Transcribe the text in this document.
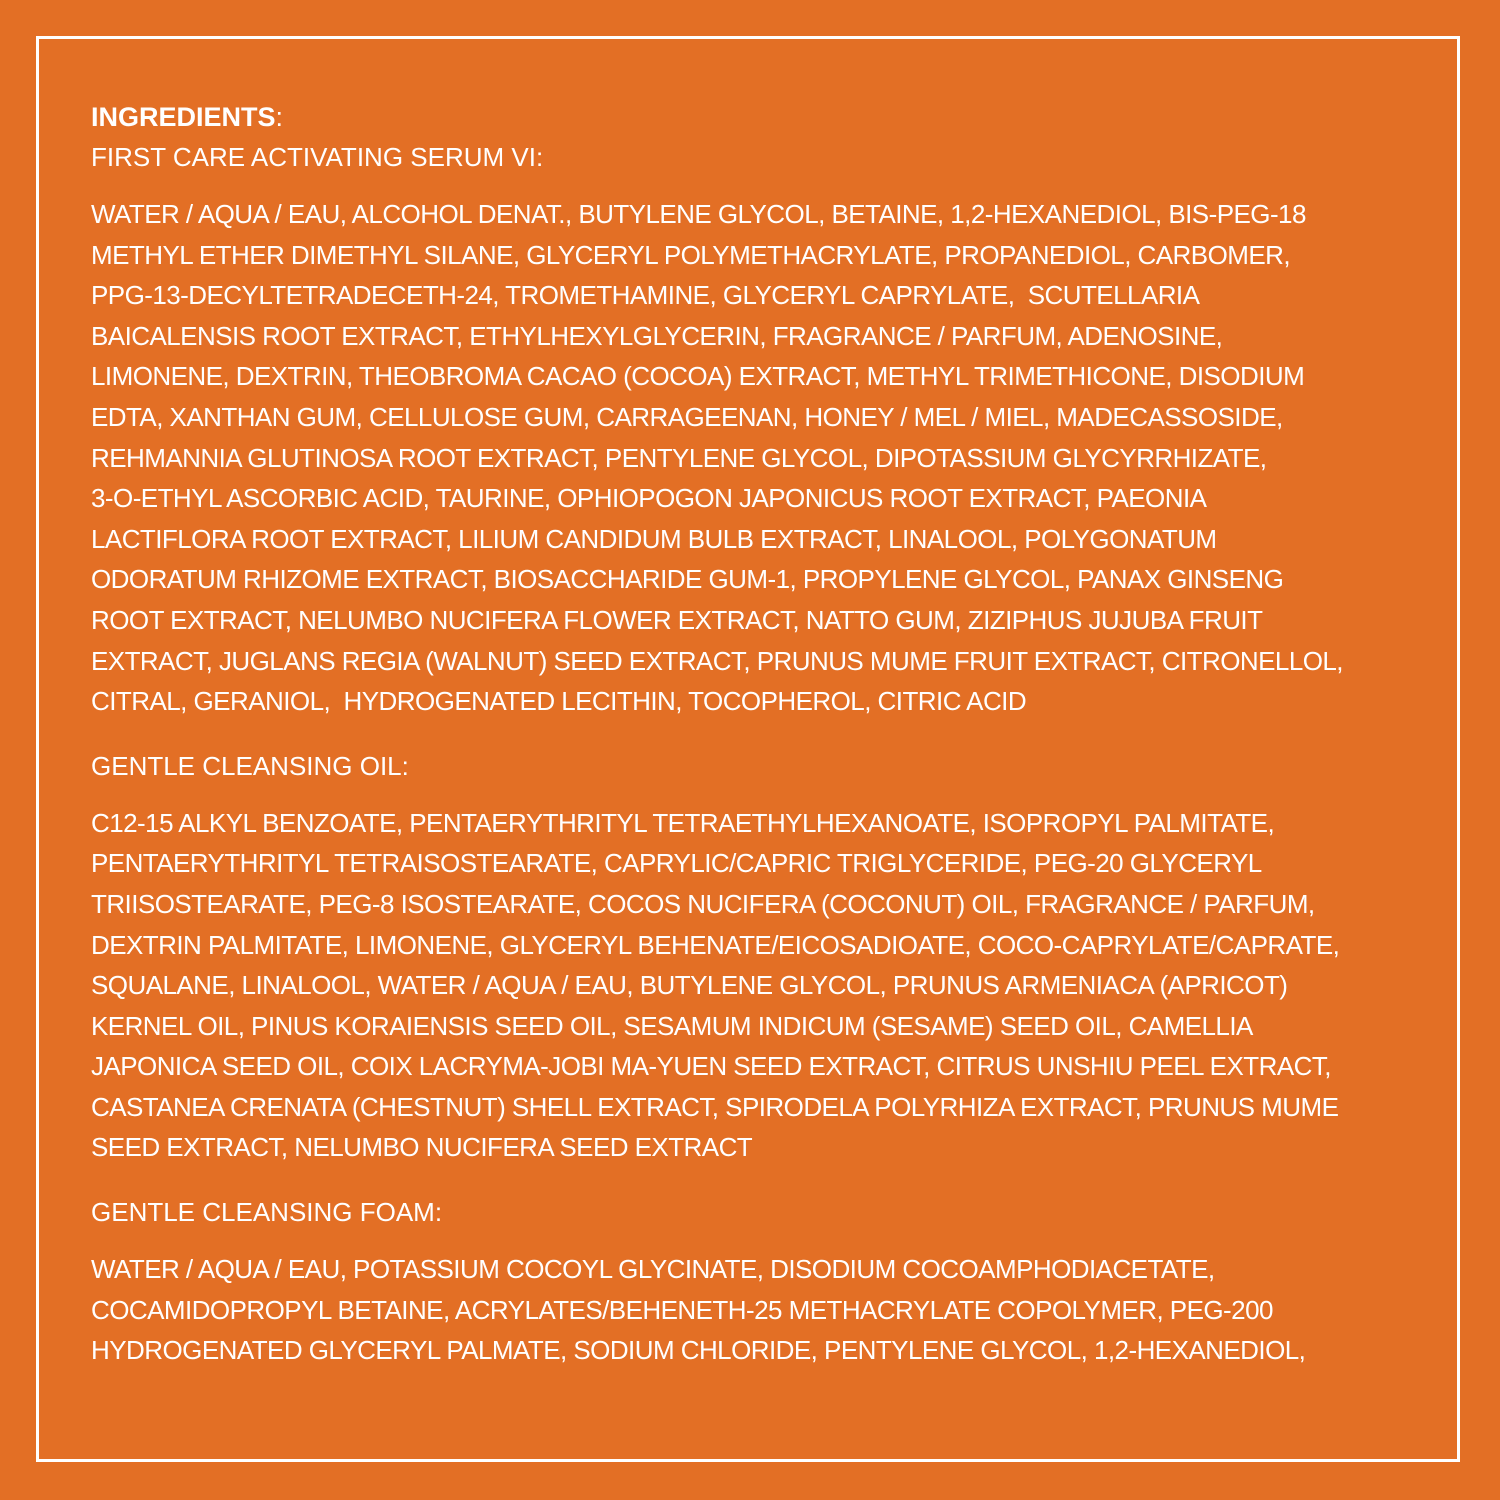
INGREDIENTS:
FIRST CARE ACTIVATING SERUM VI:
WATER / AQUA / EAU, ALCOHOL DENAT., BUTYLENE GLYCOL, BETAINE, 1,2-HEXANEDIOL, BIS-PEG-18
METHYL ETHER DIMETHYL SILANE, GLYCERYL POLYMETHACRYLATE, PROPANEDIOL, CARBOMER,
PPG-13-DECYLTETRADECETH-24, TROMETHAMINE, GLYCERYL CAPRYLATE,  SCUTELLARIA
BAICALENSIS ROOT EXTRACT, ETHYLHEXYLGLYCERIN, FRAGRANCE / PARFUM, ADENOSINE,
LIMONENE, DEXTRIN, THEOBROMA CACAO (COCOA) EXTRACT, METHYL TRIMETHICONE, DISODIUM
EDTA, XANTHAN GUM, CELLULOSE GUM, CARRAGEENAN, HONEY / MEL / MIEL, MADECASSOSIDE,
REHMANNIA GLUTINOSA ROOT EXTRACT, PENTYLENE GLYCOL, DIPOTASSIUM GLYCYRRHIZATE,
3-O-ETHYL ASCORBIC ACID, TAURINE, OPHIOPOGON JAPONICUS ROOT EXTRACT, PAEONIA
LACTIFLORA ROOT EXTRACT, LILIUM CANDIDUM BULB EXTRACT, LINALOOL, POLYGONATUM
ODORATUM RHIZOME EXTRACT, BIOSACCHARIDE GUM-1, PROPYLENE GLYCOL, PANAX GINSENG
ROOT EXTRACT, NELUMBO NUCIFERA FLOWER EXTRACT, NATTO GUM, ZIZIPHUS JUJUBA FRUIT
EXTRACT, JUGLANS REGIA (WALNUT) SEED EXTRACT, PRUNUS MUME FRUIT EXTRACT, CITRONELLOL,
CITRAL, GERANIOL,  HYDROGENATED LECITHIN, TOCOPHEROL, CITRIC ACID
GENTLE CLEANSING OIL:
C12-15 ALKYL BENZOATE, PENTAERYTHRITYL TETRAETHYLHEXANOATE, ISOPROPYL PALMITATE,
PENTAERYTHRITYL TETRAISOSTEARATE, CAPRYLIC/CAPRIC TRIGLYCERIDE, PEG-20 GLYCERYL
TRIISOSTEARATE, PEG-8 ISOSTEARATE, COCOS NUCIFERA (COCONUT) OIL, FRAGRANCE / PARFUM,
DEXTRIN PALMITATE, LIMONENE, GLYCERYL BEHENATE/EICOSADIOATE, COCO-CAPRYLATE/CAPRATE,
SQUALANE, LINALOOL, WATER / AQUA / EAU, BUTYLENE GLYCOL, PRUNUS ARMENIACA (APRICOT)
KERNEL OIL, PINUS KORAIENSIS SEED OIL, SESAMUM INDICUM (SESAME) SEED OIL, CAMELLIA
JAPONICA SEED OIL, COIX LACRYMA-JOBI MA-YUEN SEED EXTRACT, CITRUS UNSHIU PEEL EXTRACT,
CASTANEA CRENATA (CHESTNUT) SHELL EXTRACT, SPIRODELA POLYRHIZA EXTRACT, PRUNUS MUME
SEED EXTRACT, NELUMBO NUCIFERA SEED EXTRACT
GENTLE CLEANSING FOAM:
WATER / AQUA / EAU, POTASSIUM COCOYL GLYCINATE, DISODIUM COCOAMPHODIACETATE,
COCAMIDOPROPYL BETAINE, ACRYLATES/BEHENETH-25 METHACRYLATE COPOLYMER, PEG-200
HYDROGENATED GLYCERYL PALMATE, SODIUM CHLORIDE, PENTYLENE GLYCOL, 1,2-HEXANEDIOL,
